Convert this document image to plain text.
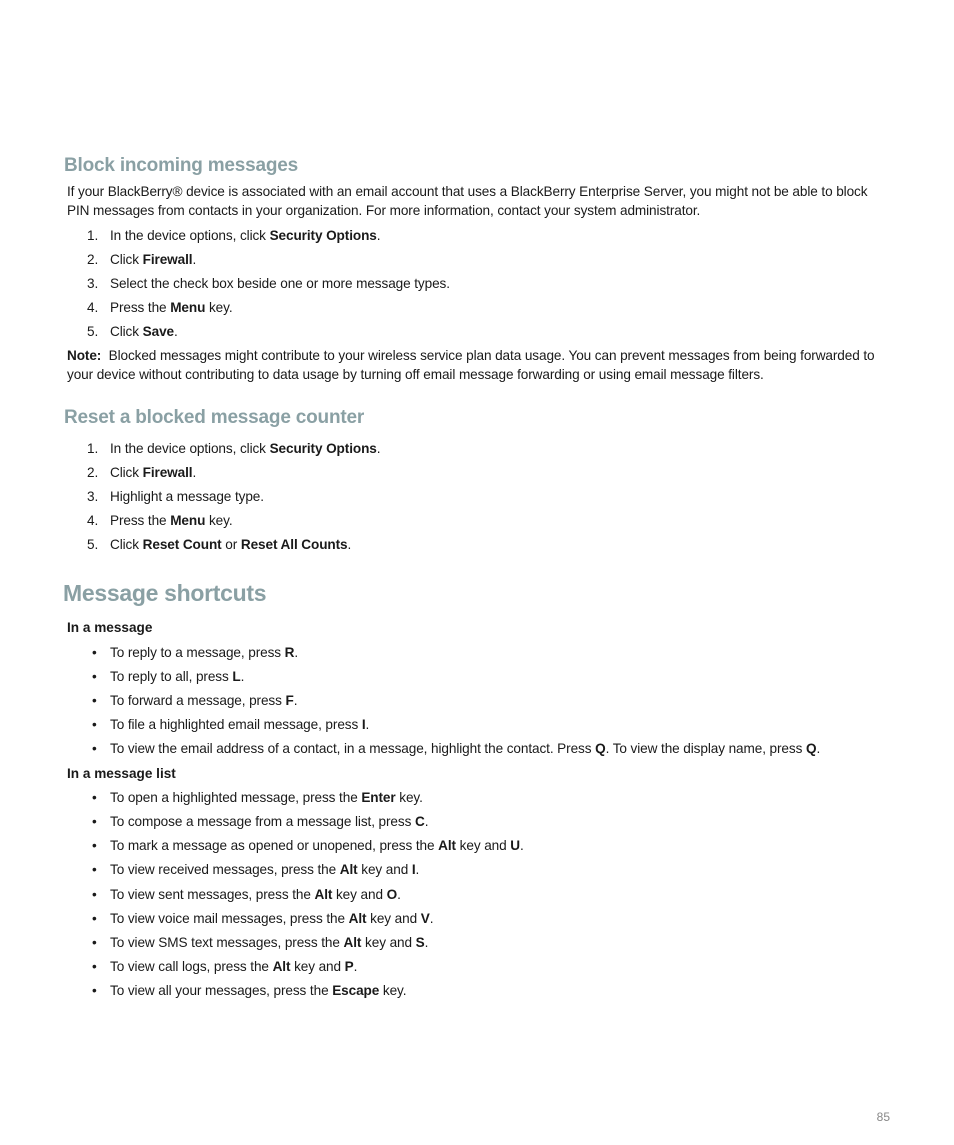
Block incoming messages
If your BlackBerry® device is associated with an email account that uses a BlackBerry Enterprise Server, you might not be able to block
PIN messages from contacts in your organization. For more information, contact your system administrator.
1. In the device options, click Security Options.
2. Click Firewall.
3. Select the check box beside one or more message types.
4. Press the Menu key.
5. Click Save.
Note: Blocked messages might contribute to your wireless service plan data usage. You can prevent messages from being forwarded to
your device without contributing to data usage by turning off email message forwarding or using email message filters.
Reset a blocked message counter
1. In the device options, click Security Options.
2. Click Firewall.
3. Highlight a message type.
4. Press the Menu key.
5. Click Reset Count or Reset All Counts.
Message shortcuts
In a message
• To reply to a message, press R.
• To reply to all, press L.
• To forward a message, press F.
• To file a highlighted email message, press I.
• To view the email address of a contact, in a message, highlight the contact. Press Q. To view the display name, press Q.
In a message list
• To open a highlighted message, press the Enter key.
• To compose a message from a message list, press C.
• To mark a message as opened or unopened, press the Alt key and U.
• To view received messages, press the Alt key and I.
• To view sent messages, press the Alt key and O.
• To view voice mail messages, press the Alt key and V.
• To view SMS text messages, press the Alt key and S.
• To view call logs, press the Alt key and P.
• To view all your messages, press the Escape key.
85
